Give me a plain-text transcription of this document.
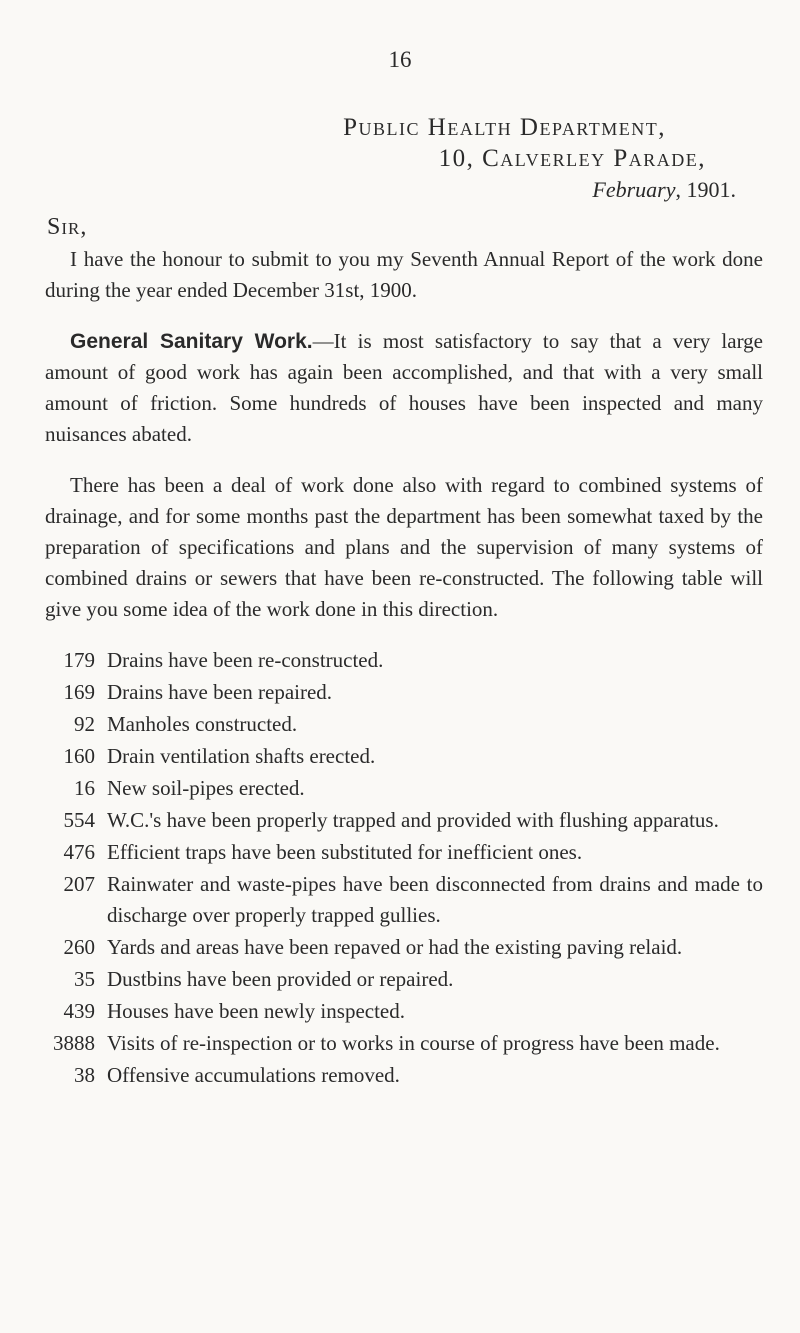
16
Public Health Department,
10, Calverley Parade,
February, 1901.
Sir,

I have the honour to submit to you my Seventh Annual Report of the work done during the year ended December 31st, 1900.

General Sanitary Work.—It is most satisfactory to say that a very large amount of good work has again been accomplished, and that with a very small amount of friction. Some hundreds of houses have been inspected and many nuisances abated.

There has been a deal of work done also with regard to combined systems of drainage, and for some months past the department has been somewhat taxed by the preparation of specifications and plans and the supervision of many systems of combined drains or sewers that have been re-constructed. The following table will give you some idea of the work done in this direction.

179 Drains have been re-constructed.
169 Drains have been repaired.
92 Manholes constructed.
160 Drain ventilation shafts erected.
16 New soil-pipes erected.
554 W.C.'s have been properly trapped and provided with flushing apparatus.
476 Efficient traps have been substituted for inefficient ones.
207 Rainwater and waste-pipes have been disconnected from drains and made to discharge over properly trapped gullies.
260 Yards and areas have been repaved or had the existing paving relaid.
35 Dustbins have been provided or repaired.
439 Houses have been newly inspected.
3888 Visits of re-inspection or to works in course of progress have been made.
38 Offensive accumulations removed.
